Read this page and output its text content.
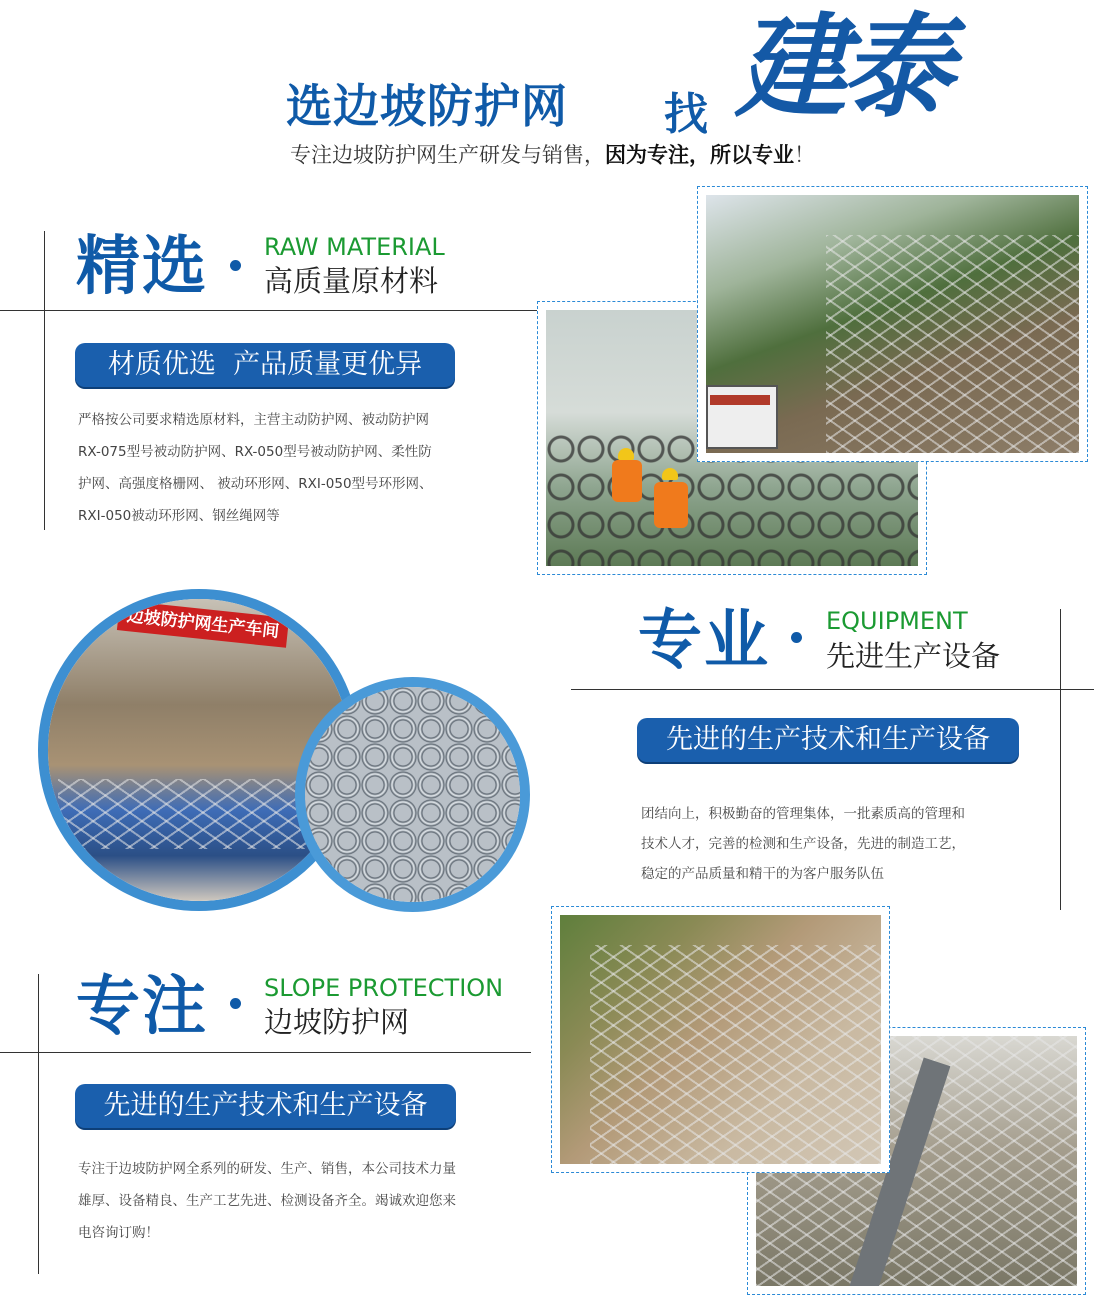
选边坡防护网 找 建泰
专注边坡防护网生产研发与销售，因为专注，所以专业！
精选 RAW MATERIAL
高质量原材料
材质优选  产品质量更优异
严格按公司要求精选原材料，主营主动防护网、被动防护网
RX-075型号被动防护网、RX-050型号被动防护网、柔性防
护网、高强度格栅网、 被动环形网、RXI-050型号环形网、
RXI-050被动环形网、钢丝绳网等
专业 EQUIPMENT
先进生产设备
先进的生产技术和生产设备
团结向上，积极勤奋的管理集体，一批素质高的管理和
技术人才，完善的检测和生产设备，先进的制造工艺，
稳定的产品质量和精干的为客户服务队伍
边坡防护网生产车间
专注 SLOPE PROTECTION
边坡防护网
先进的生产技术和生产设备
专注于边坡防护网全系列的研发、生产、销售，本公司技术力量
雄厚、设备精良、生产工艺先进、检测设备齐全。竭诚欢迎您来
电咨询订购！
